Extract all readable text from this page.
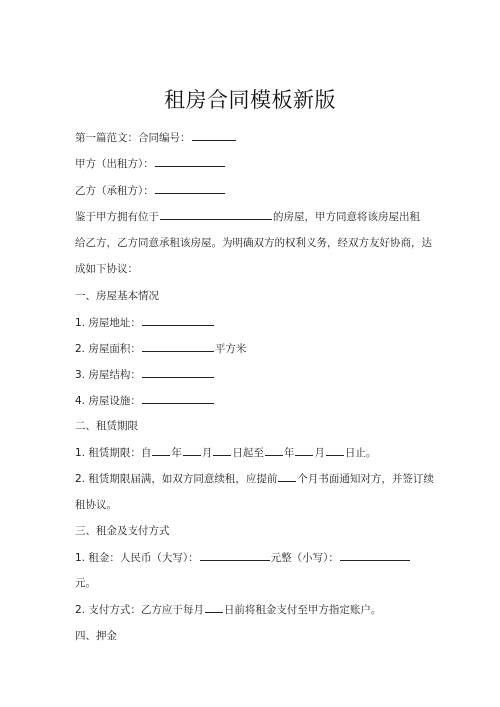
租房合同模板新版
第一篇范文：合同编号：
甲方（出租方）：
乙方（承租方）：
鉴于甲方拥有位于	的房屋，甲方同意将该房屋出租
给乙方，乙方同意承租该房屋。为明确双方的权利义务，经双方友好协商，达
成如下协议：
一、房屋基本情况
1. 房屋地址：
2. 房屋面积：	平方米
3. 房屋结构：
4. 房屋设施：
二、租赁期限
1. 租赁期限：自 年 月 日起至 年 月 日止。
2. 租赁期限届满，如双方同意续租，应提前 个月书面通知对方，并签订续
租协议。
三、租金及支付方式
1. 租金：人民币（大写）：	元整（小写）：
元。
2. 支付方式：乙方应于每月 日前将租金支付至甲方指定账户。
四、押金
